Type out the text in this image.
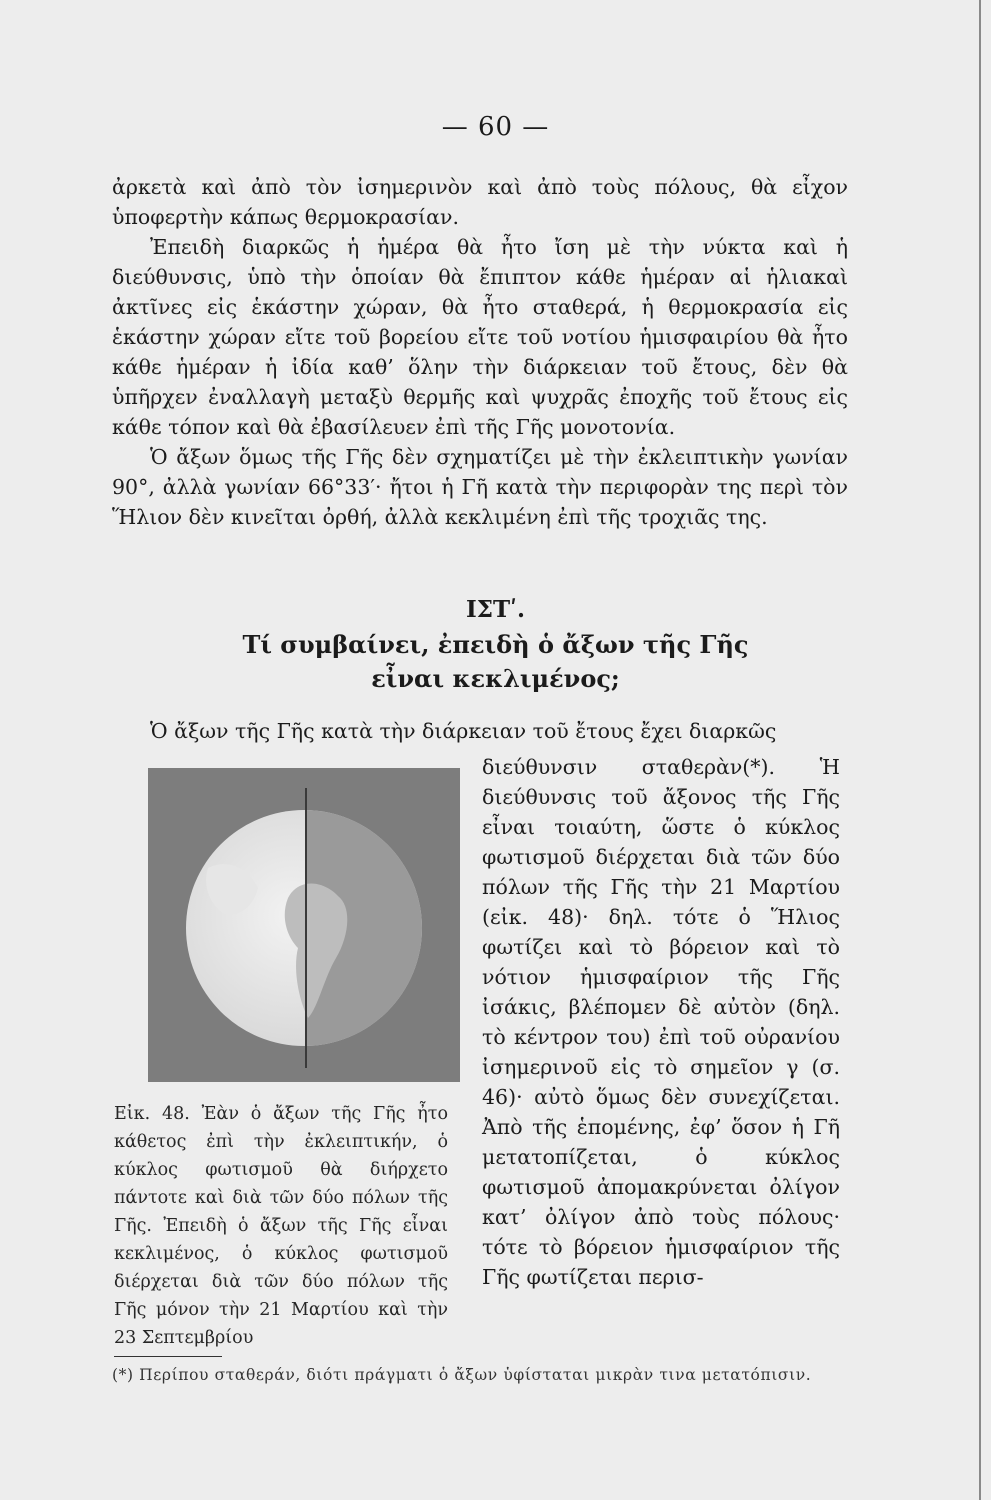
— 60 —

ἀρκετὰ καὶ ἀπὸ τὸν ἰσημερινὸν καὶ ἀπὸ τοὺς πόλους, θὰ εἶχον ὑποφερτὴν κάπως θερμοκρασίαν.

Ἐπειδὴ διαρκῶς ἡ ἡμέρα θὰ ἦτο ἴση μὲ τὴν νύκτα καὶ ἡ διεύθυνσις, ὑπὸ τὴν ὁποίαν θὰ ἔπιπτον κάθε ἡμέραν αἱ ἡλιακαὶ ἀκτῖνες εἰς ἑκάστην χώραν, θὰ ἦτο σταθερά, ἡ θερμοκρασία εἰς ἑκάστην χώραν εἴτε τοῦ βορείου εἴτε τοῦ νοτίου ἡμισφαιρίου θὰ ἦτο κάθε ἡμέραν ἡ ἰδία καθ’ ὅλην τὴν διάρκειαν τοῦ ἔτους, δὲν θὰ ὑπῆρχεν ἐναλλαγὴ μεταξὺ θερμῆς καὶ ψυχρᾶς ἐποχῆς τοῦ ἔτους εἰς κάθε τόπον καὶ θὰ ἐβασίλευεν ἐπὶ τῆς Γῆς μονοτονία.

Ὁ ἄξων ὅμως τῆς Γῆς δὲν σχηματίζει μὲ τὴν ἐκλειπτικὴν γωνίαν 90°, ἀλλὰ γωνίαν 66°33′· ἤτοι ἡ Γῆ κατὰ τὴν περιφορὰν της περὶ τὸν Ἥλιον δὲν κινεῖται ὀρθή, ἀλλὰ κεκλιμένη ἐπὶ τῆς τροχιᾶς της.

ΙΣΤʹ.
Τί συμβαίνει, ἐπειδὴ ὁ ἄξων τῆς Γῆς
εἶναι κεκλιμένος;
Ὁ ἄξων τῆς Γῆς κατὰ τὴν διάρκειαν τοῦ ἔτους ἔχει διαρκῶς
Εἰκ. 48. Ἐὰν ὁ ἄξων τῆς Γῆς ἦτο κάθετος ἐπὶ τὴν ἐκλειπτικήν, ὁ κύκλος φωτισμοῦ θὰ διήρχετο πάντοτε καὶ διὰ τῶν δύο πόλων τῆς Γῆς. Ἐπειδὴ ὁ ἄξων τῆς Γῆς εἶναι κεκλιμένος, ὁ κύκλος φωτισμοῦ διέρχεται διὰ τῶν δύο πόλων τῆς Γῆς μόνον τὴν 21 Μαρτίου καὶ τὴν 23 Σεπτεμβρίου
διεύθυνσιν σταθερὰν(*). Ἡ διεύθυνσις τοῦ ἄξονος τῆς Γῆς εἶναι τοιαύτη, ὥστε ὁ κύκλος φωτισμοῦ διέρχεται διὰ τῶν δύο πόλων τῆς Γῆς τὴν 21 Μαρτίου (εἰκ. 48)· δηλ. τότε ὁ Ἥλιος φωτίζει καὶ τὸ βόρειον καὶ τὸ νότιον ἡμισφαίριον τῆς Γῆς ἰσάκις, βλέπομεν δὲ αὐτὸν (δηλ. τὸ κέντρον του) ἐπὶ τοῦ οὐρανίου ἰσημερινοῦ εἰς τὸ σημεῖον γ (σ. 46)· αὐτὸ ὅμως δὲν συνεχίζεται. Ἀπὸ τῆς ἑπομένης, ἐφ’ ὅσον ἡ Γῆ μετατοπίζεται, ὁ κύκλος φωτισμοῦ ἀπομακρύνεται ὀλίγον κατ’ ὀλίγον ἀπὸ τοὺς πόλους· τότε τὸ βόρειον ἡμισφαίριον τῆς Γῆς φωτίζεται περισ-
(*) Περίπου σταθεράν, διότι πράγματι ὁ ἄξων ὑφίσταται μικρὰν τινα μετατόπισιν.
